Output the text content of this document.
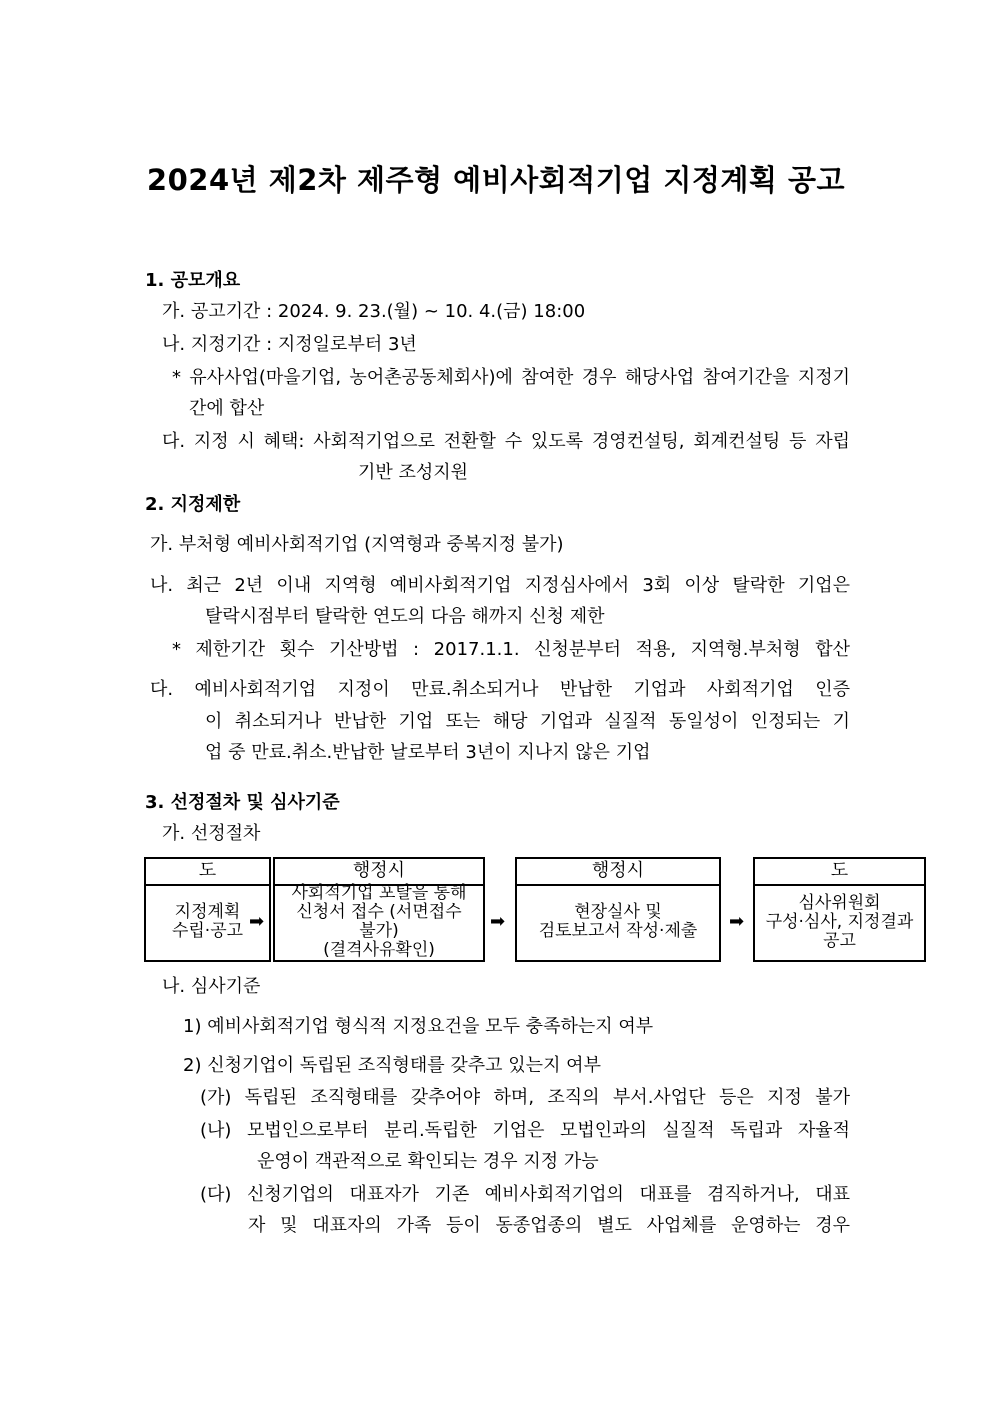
2024년 제2차 제주형 예비사회적기업 지정계획 공고
1. 공모개요
가. 공고기간 : 2024. 9. 23.(월) ~ 10. 4.(금) 18:00
나. 지정기간 : 지정일로부터 3년
* 유사사업(마을기업, 농어촌공동체회사)에 참여한 경우 해당사업 참여기간을 지정기
간에 합산
다. 지정 시 혜택: 사회적기업으로 전환할 수 있도록 경영컨설팅, 회계컨설팅 등 자립
기반 조성지원
2. 지정제한
가. 부처형 예비사회적기업 (지역형과 중복지정 불가)
나. 최근 2년 이내 지역형 예비사회적기업 지정심사에서 3회 이상 탈락한 기업은
탈락시점부터 탈락한 연도의 다음 해까지 신청 제한
* 제한기간 횟수 기산방법 : 2017.1.1. 신청분부터 적용, 지역형.부처형 합산
다. 예비사회적기업 지정이 만료.취소되거나 반납한 기업과 사회적기업 인증
이 취소되거나 반납한 기업 또는 해당 기업과 실질적 동일성이 인정되는 기
업 중 만료.취소.반납한 날로부터 3년이 지나지 않은 기업
3. 선정절차 및 심사기준
가. 선정절차
도
지정계획
수립·공고 ➡
행정시
사회적기업 포탈을 통해
신청서 접수 (서면접수
불가)
(결격사유확인)
➡
행정시
현장실사 및
검토보고서 작성·제출	➡
도
심사위원회
구성·심사, 지정결과
공고
나. 심사기준
1) 예비사회적기업 형식적 지정요건을 모두 충족하는지 여부
2) 신청기업이 독립된 조직형태를 갖추고 있는지 여부
(가) 독립된 조직형태를 갖추어야 하며, 조직의 부서.사업단 등은 지정 불가
(나) 모법인으로부터 분리.독립한 기업은 모법인과의 실질적 독립과 자율적
운영이 객관적으로 확인되는 경우 지정 가능
(다) 신청기업의 대표자가 기존 예비사회적기업의 대표를 겸직하거나, 대표
자 및 대표자의 가족 등이 동종업종의 별도 사업체를 운영하는 경우
